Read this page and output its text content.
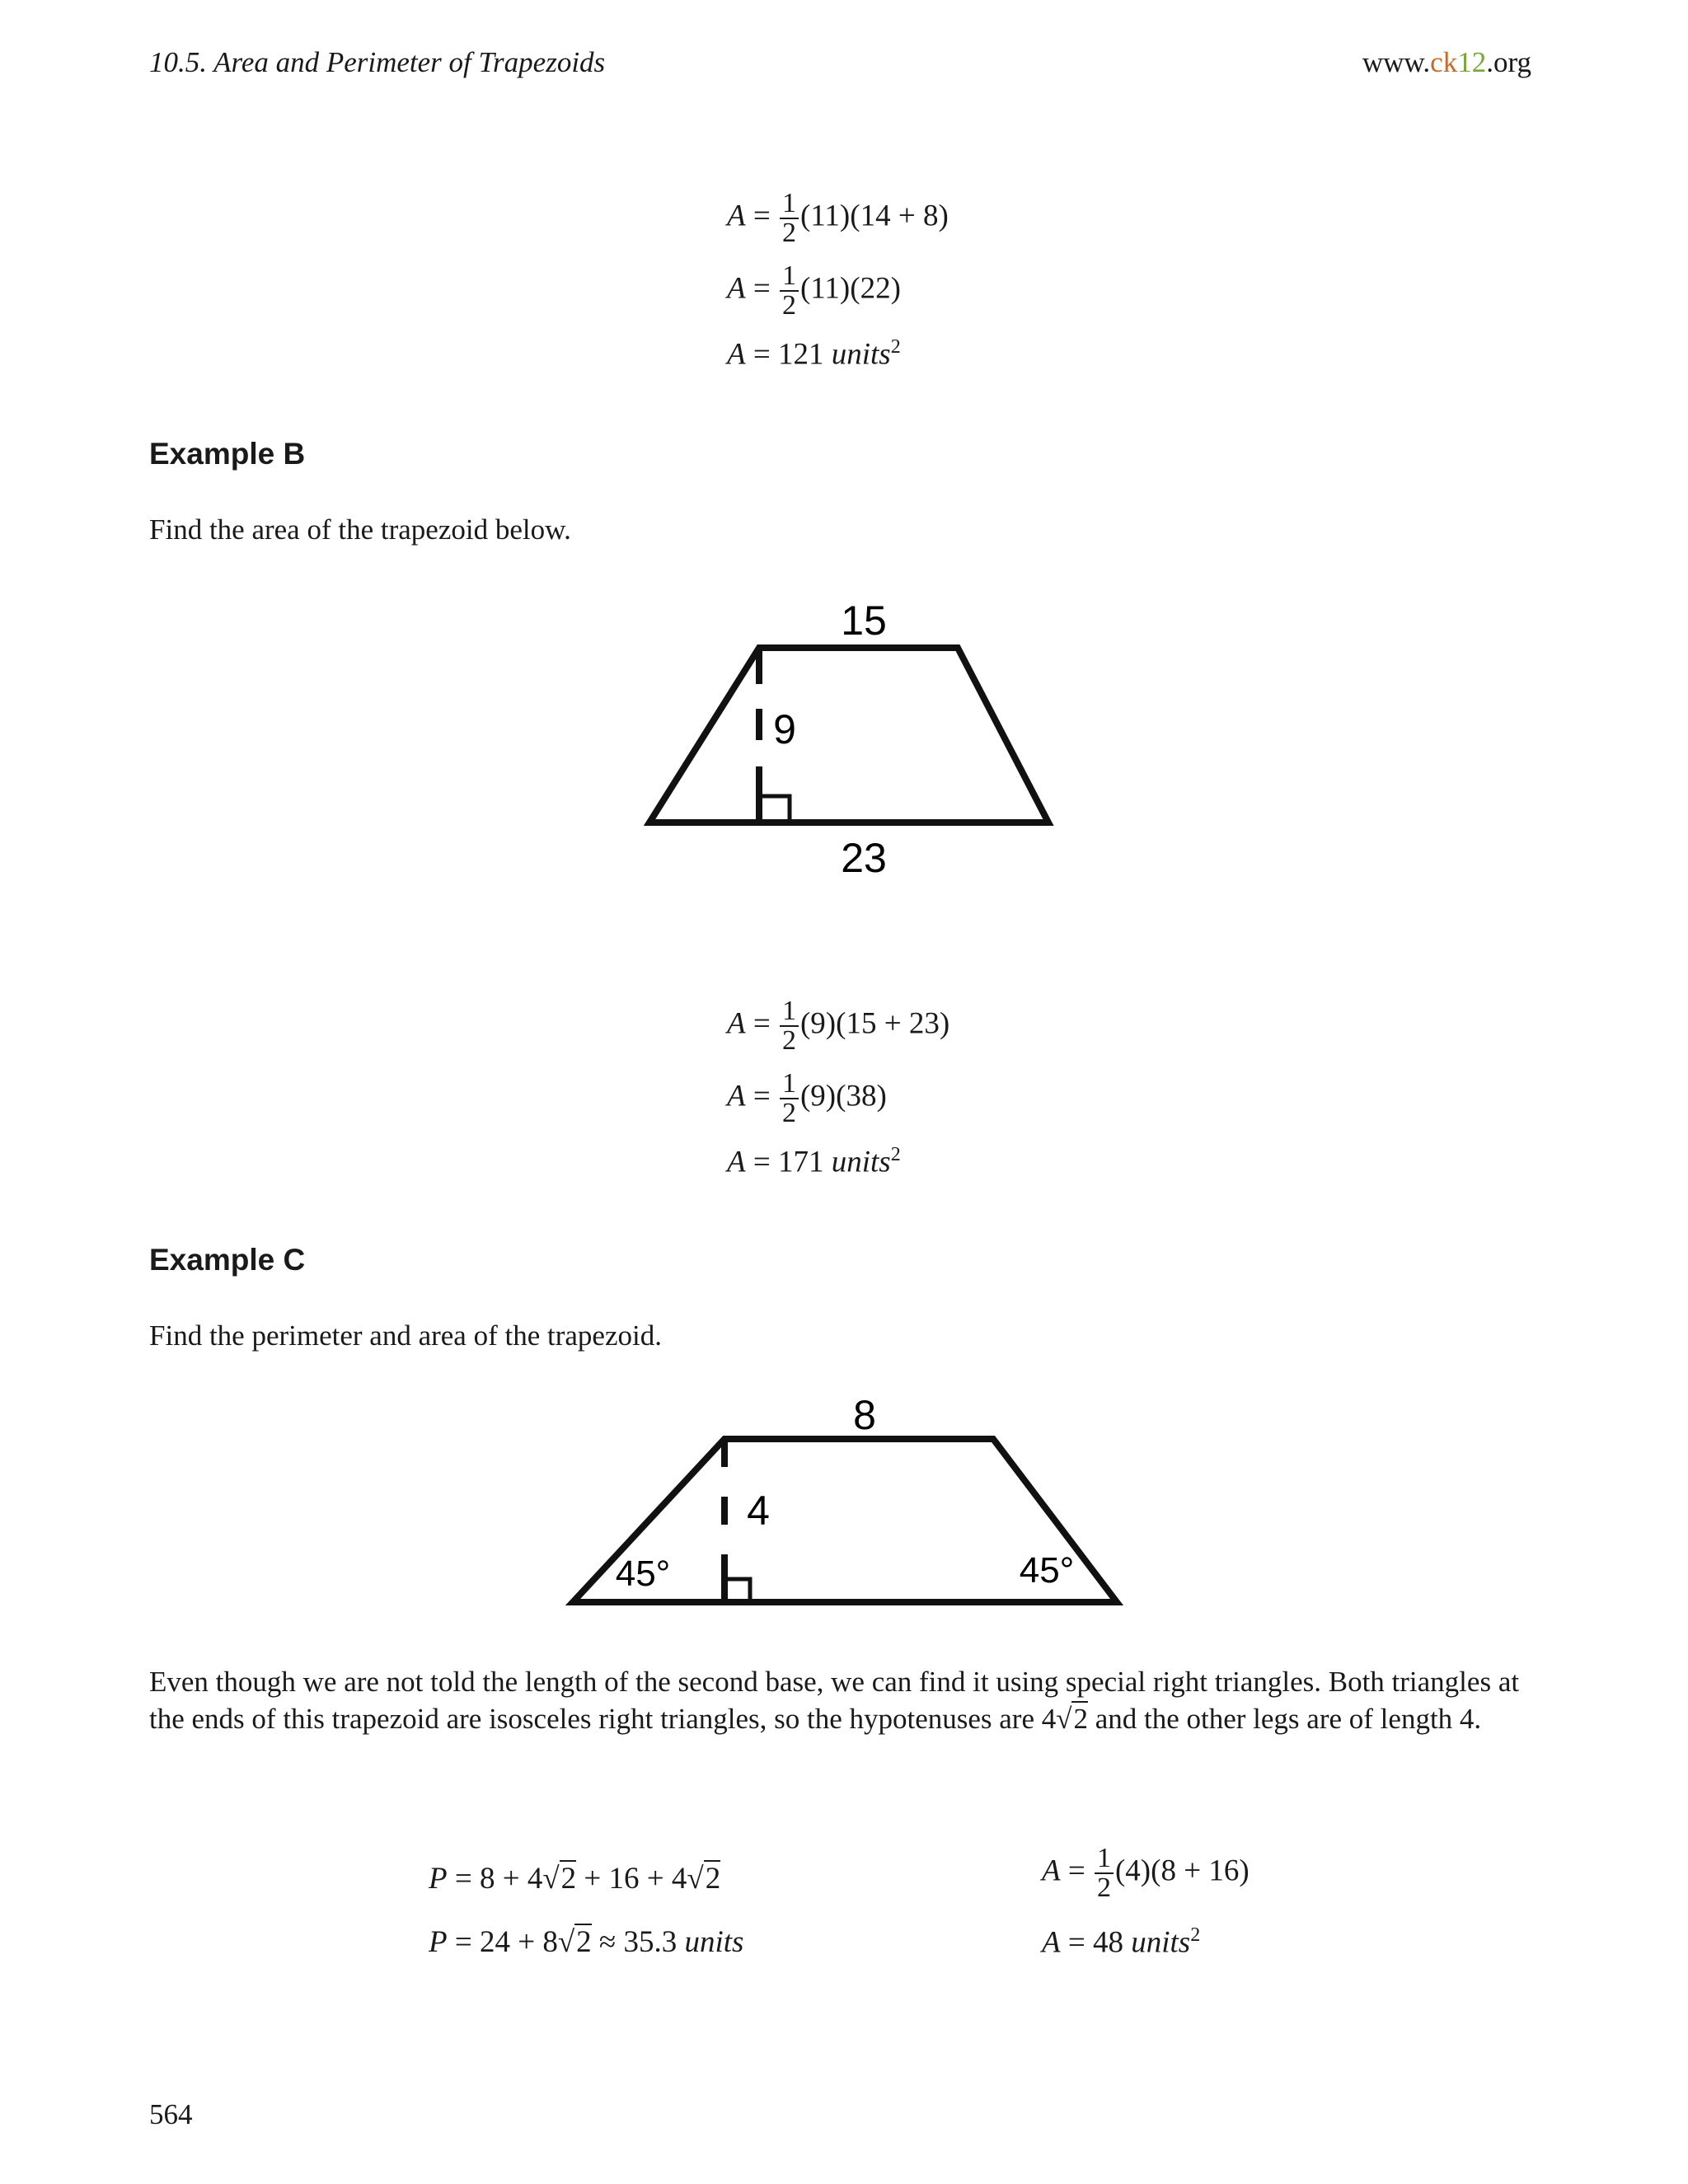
10.5. Area and Perimeter of Trapezoids	www.ck12.org
$A = \frac{1}{2} (11)(14 + 8)$
$A = \frac{1}{2} (11)(22)$
A = 121 units$^2$
Example B
Find the area of the trapezoid below.
15
9
23
$A = \frac{1}{2} (9)(15 + 23)$
$A = \frac{1}{2} (9)(38)$
A = 171 units$^2$
Example C
Find the perimeter and area of the trapezoid.
8
4
45°	45°
Even though we are not told the length of the second base, we can find it using special right triangles. Both triangles at the ends of this trapezoid are isosceles right triangles, so the hypotenuses are 4√2 and the other legs are of length 4.
P = 8 + 4√2 + 16 + 4√2
P = 24 + 8√2 ≈ 35.3 units
$A = \frac{1}{2} (4)(8 + 16)$
A = 48 units$^2$
564
